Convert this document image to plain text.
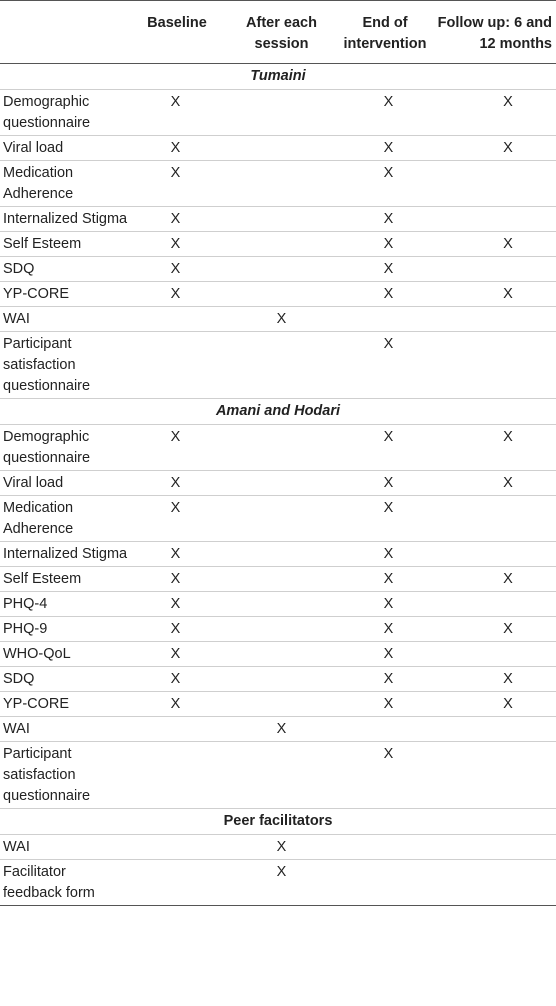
	Baseline	After each session	End of intervention	Follow up: 6 and 12 months
Tumaini				
Demographic questionnaire	X		X	X
Viral load	X		X	X
Medication Adherence	X		X	
Internalized Stigma	X		X	
Self Esteem	X		X	X
SDQ	X		X	
YP-CORE	X		X	X
WAI		X		
Participant satisfaction questionnaire			X	
Amani and Hodari				
Demographic questionnaire	X		X	X
Viral load	X		X	X
Medication Adherence	X		X	
Internalized Stigma	X		X	
Self Esteem	X		X	X
PHQ-4	X		X	
PHQ-9	X		X	X
WHO-QoL	X		X	
SDQ	X		X	X
YP-CORE	X		X	X
WAI		X		
Participant satisfaction questionnaire			X	
Peer facilitators				
WAI		X		
Facilitator feedback form		X		
